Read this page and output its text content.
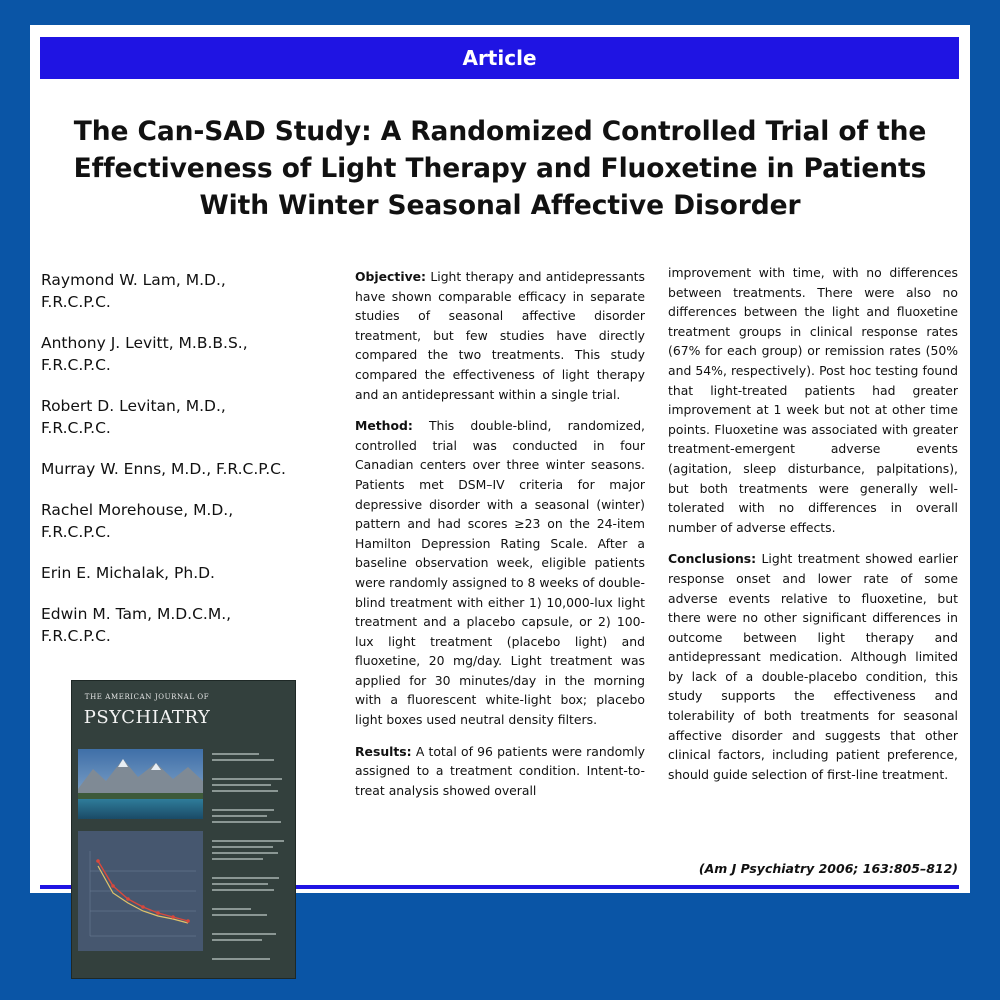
Article
The Can-SAD Study: A Randomized Controlled Trial of the
Effectiveness of Light Therapy and Fluoxetine in Patients
With Winter Seasonal Affective Disorder
Raymond W. Lam, M.D.,
F.R.C.P.C.
Anthony J. Levitt, M.B.B.S.,
F.R.C.P.C.
Robert D. Levitan, M.D.,
F.R.C.P.C.
Murray W. Enns, M.D., F.R.C.P.C.
Rachel Morehouse, M.D.,
F.R.C.P.C.
Erin E. Michalak, Ph.D.
Edwin M. Tam, M.D.C.M.,
F.R.C.P.C.

Objective: Light therapy and antidepressants have shown comparable efficacy in separate studies of seasonal affective disorder treatment, but few studies have directly compared the two treatments. This study compared the effectiveness of light therapy and an antidepressant within a single trial.

Method: This double-blind, randomized, controlled trial was conducted in four Canadian centers over three winter seasons. Patients met DSM–IV criteria for major depressive disorder with a seasonal (winter) pattern and had scores ≥23 on the 24-item Hamilton Depression Rating Scale. After a baseline observation week, eligible patients were randomly assigned to 8 weeks of double-blind treatment with either 1) 10,000-lux light treatment and a placebo capsule, or 2) 100-lux light treatment (placebo light) and fluoxetine, 20 mg/day. Light treatment was applied for 30 minutes/day in the morning with a fluorescent white-light box; placebo light boxes used neutral density filters.

Results: A total of 96 patients were randomly assigned to a treatment condition. Intent-to-treat analysis showed overall

improvement with time, with no differences between treatments. There were also no differences between the light and fluoxetine treatment groups in clinical response rates (67% for each group) or remission rates (50% and 54%, respectively). Post hoc testing found that light-treated patients had greater improvement at 1 week but not at other time points. Fluoxetine was associated with greater treatment-emergent adverse events (agitation, sleep disturbance, palpitations), but both treatments were generally well-tolerated with no differences in overall number of adverse effects.

Conclusions: Light treatment showed earlier response onset and lower rate of some adverse events relative to fluoxetine, but there were no other significant differences in outcome between light therapy and antidepressant medication. Although limited by lack of a double-placebo condition, this study supports the effectiveness and tolerability of both treatments for seasonal affective disorder and suggests that other clinical factors, including patient preference, should guide selection of first-line treatment.

(Am J Psychiatry 2006; 163:805–812)
THE AMERICAN JOURNAL OF
PSYCHIATRY
